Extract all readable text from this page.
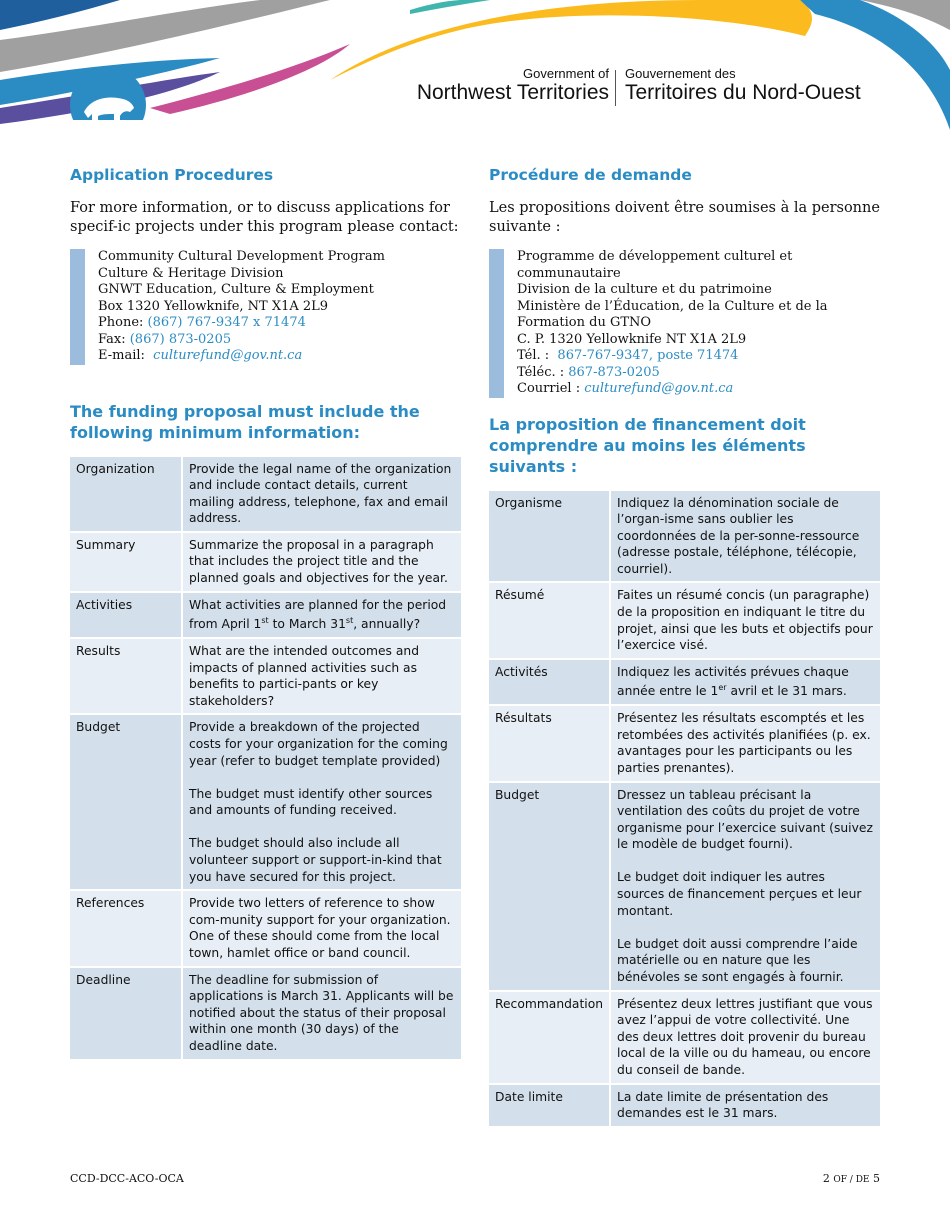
Government of
Northwest Territories
Gouvernement des
Territoires du Nord-Ouest
Application Procedures
For more information, or to discuss applications for specif-ic projects under this program please contact:
Community Cultural Development Program
Culture & Heritage Division
GNWT Education, Culture & Employment
Box 1320 Yellowknife, NT X1A 2L9
Phone: (867) 767-9347 x 71474
Fax: (867) 873-0205
E-mail:  culturefund@gov.nt.ca
The funding proposal must include the following minimum information:
Organization	Provide the legal name of the organization and include contact details, current mailing address, telephone, fax and email address.
Summary	Summarize the proposal in a paragraph that includes the project title and the planned goals and objectives for the year.
Activities	What activities are planned for the period from April 1st to March 31st, annually?
Results	What are the intended outcomes and impacts of planned activities such as benefits to partici-pants or key stakeholders?
Budget	Provide a breakdown of the projected costs for your organization for the coming year (refer to budget template provided)

The budget must identify other sources and amounts of funding received.

The budget should also include all volunteer support or support-in-kind that you have secured for this project.
References	Provide two letters of reference to show com-munity support for your organization. One of these should come from the local town, hamlet office or band council.
Deadline	The deadline for submission of applications is March 31. Applicants will be notified about the status of their proposal within one month (30 days) of the deadline date.
Procédure de demande
Les propositions doivent être soumises à la personne suivante :
Programme de développement culturel et communautaire
Division de la culture et du patrimoine
Ministère de l’Éducation, de la Culture et de la Formation du GTNO
C. P. 1320 Yellowknife NT X1A 2L9
Tél. :  867-767-9347, poste 71474
Téléc. : 867-873-0205
Courriel : culturefund@gov.nt.ca
La proposition de financement doit comprendre au moins les éléments suivants :
Organisme	Indiquez la dénomination sociale de l’organ-isme sans oublier les coordonnées de la per-sonne-ressource (adresse postale, téléphone, télécopie, courriel).
Résumé	Faites un résumé concis (un paragraphe) de la proposition en indiquant le titre du projet, ainsi que les buts et objectifs pour l’exercice visé.
Activités	Indiquez les activités prévues chaque année entre le 1er avril et le 31 mars.
Résultats	Présentez les résultats escomptés et les retombées des activités planifiées (p. ex. avantages pour les participants ou les parties prenantes).
Budget	Dressez un tableau précisant la ventilation des coûts du projet de votre organisme pour l’exercice suivant (suivez le modèle de budget fourni).

Le budget doit indiquer les autres sources de financement perçues et leur montant.

Le budget doit aussi comprendre l’aide matérielle ou en nature que les bénévoles se sont engagés à fournir.
Recommandation	Présentez deux lettres justifiant que vous avez l’appui de votre collectivité. Une des deux lettres doit provenir du bureau local de la ville ou du hameau, ou encore du conseil de bande.
Date limite	La date limite de présentation des demandes est le 31 mars.
CCD-DCC-ACO-OCA	2 OF / DE 5
